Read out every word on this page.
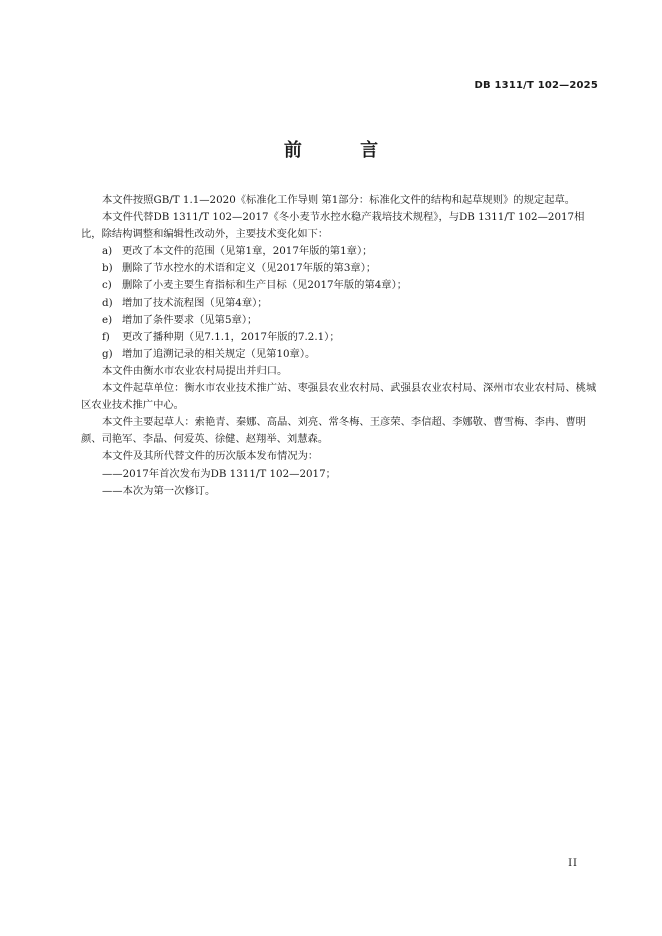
DB 1311/T 102—2025
前 言

本文件按照GB/T 1.1—2020《标准化工作导则 第1部分：标准化文件的结构和起草规则》的规定起草。

本文件代替DB 1311/T 102—2017《冬小麦节水控水稳产栽培技术规程》，与DB 1311/T 102—2017相比，除结构调整和编辑性改动外，主要技术变化如下：

a) 更改了本文件的范围（见第1章，2017年版的第1章）；

b) 删除了节水控水的术语和定义（见2017年版的第3章）；

c) 删除了小麦主要生育指标和生产目标（见2017年版的第4章）；

d) 增加了技术流程图（见第4章）；

e) 增加了条件要求（见第5章）；

f) 更改了播种期（见7.1.1，2017年版的7.2.1）；

g) 增加了追溯记录的相关规定（见第10章）。

本文件由衡水市农业农村局提出并归口。

本文件起草单位：衡水市农业技术推广站、枣强县农业农村局、武强县农业农村局、深州市农业农村局、桃城区农业技术推广中心。

本文件主要起草人：索艳青、秦娜、高晶、刘亮、常冬梅、王彦荣、李信超、李娜敬、曹雪梅、李冉、曹明颜、司艳军、李晶、何爱英、徐健、赵翔举、刘慧森。

本文件及其所代替文件的历次版本发布情况为：

——2017年首次发布为DB 1311/T 102—2017；

——本次为第一次修订。

II
